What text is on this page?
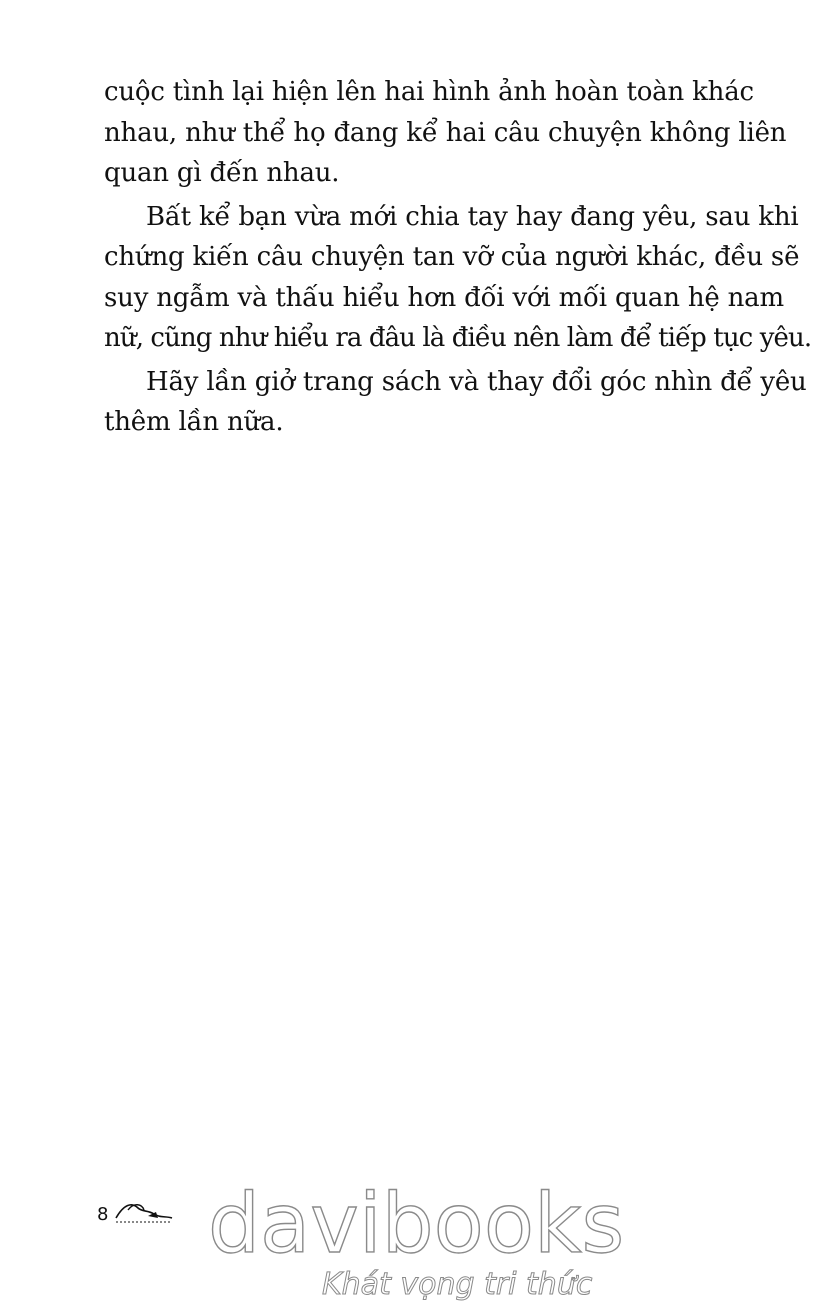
cuộc tình lại hiện lên hai hình ảnh hoàn toàn khác
nhau, như thể họ đang kể hai câu chuyện không liên
quan gì đến nhau.

Bất kể bạn vừa mới chia tay hay đang yêu, sau khi
chứng kiến câu chuyện tan vỡ của người khác, đều sẽ
suy ngẫm và thấu hiểu hơn đối với mối quan hệ nam
nữ, cũng như hiểu ra đâu là điều nên làm để tiếp tục yêu.

Hãy lần giở trang sách và thay đổi góc nhìn để yêu
thêm lần nữa.

8 davibooks
Khát vọng tri thức
